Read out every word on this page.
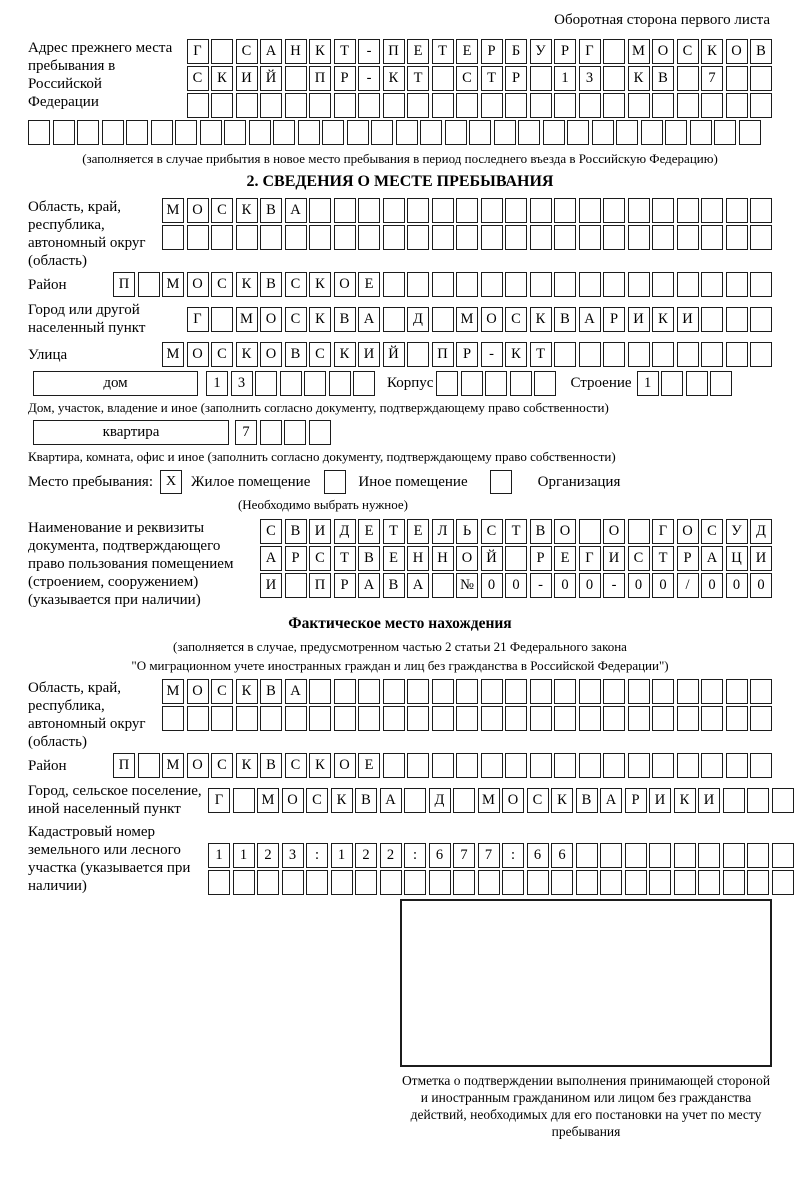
Оборотная сторона первого листа
Адрес прежнего места пребывания в Российской Федерации
Г	С А Н К	Т	-	П	Е	Т	Е	Р	Б	У	Р	Г	М О С	К О В
С	К И Й	П	Р	-	К	Т	С	Т	Р	1	3	К	В	7
(заполняется в случае прибытия в новое место пребывания в период последнего въезда в Российскую Федерацию)
2. СВЕДЕНИЯ О МЕСТЕ ПРЕБЫВАНИЯ
Область, край, республика, автономный округ (область)
М О С	К	В А
Район	П	М О С	К	В	С	К О	Е
Город или другой населенный пункт
Г	М О С	К	В А	Д	М О С	К	В А	Р	И К И
Улица	М О С	К О В	С	К И Й	П	Р	-	К	Т
дом	1	3	Корпус	Строение 1
Дом, участок, владение и иное (заполнить согласно документу, подтверждающему право собственности)
квартира	7
Квартира, комната, офис и иное (заполнить согласно документу, подтверждающему право собственности)
Место пребывания: X Жилое помещение	Иное помещение	Организация
(Необходимо выбрать нужное)
Наименование и реквизиты документа, подтверждающего право пользования помещением (строением, сооружением) (указывается при наличии)
С	В И Д	Е	Т	Е	Л	Ь	С	Т	В О	О	Г	О С	У Д
А	Р	С	Т	В	Е	Н Н О Й	Р	Е	Г	И С	Т	Р	А Ц И
И	П	Р	А В А	№ 0	0	-	0	0	-	0	0	/	0	0	0
Фактическое место нахождения
(заполняется в случае, предусмотренном частью 2 статьи 21 Федерального закона
"О миграционном учете иностранных граждан и лиц без гражданства в Российской Федерации")
Область, край, республика, автономный округ (область)
М О С	К	В А
Район	П	М О С	К	В	С	К О	Е
Город, сельское поселение, иной населенный пункт
Г	М О С	К	В А	Д	М О С	К	В А	Р	И К И
Кадастровый номер земельного или лесного участка (указывается при наличии)
1	1	2	3	:	1	2	2	:	6	7	7	:	6	6
Отметка о подтверждении выполнения принимающей стороной и иностранным гражданином или лицом без гражданства действий, необходимых для его постановки на учет по месту пребывания
